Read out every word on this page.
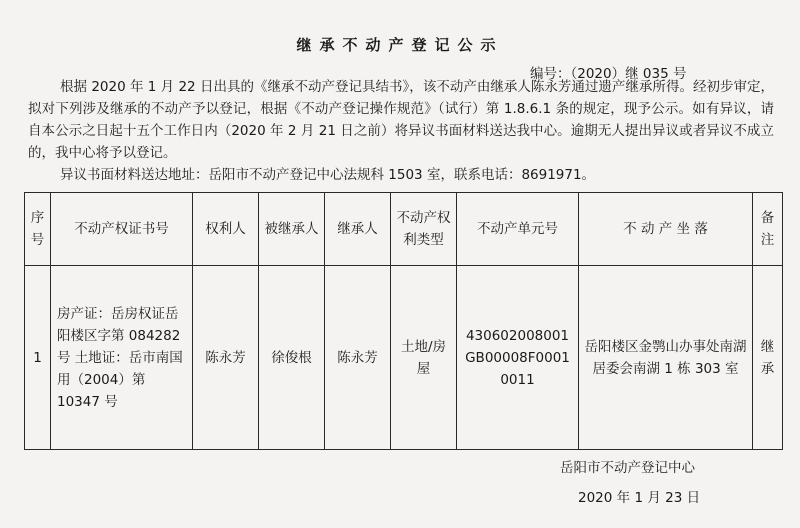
继承不动产登记公示
编号：（2020）继 035 号
根据 2020 年 1 月 22 日出具的《继承不动产登记具结书》，该不动产由继承人陈永芳通过遗产继承所得。经初步审定， 拟对下列涉及继承的不动产予以登记，根据《不动产登记操作规范》（试行）第 1.8.6.1 条的规定，现予公示。如有异议，请自本公示之日起十五个工作日内（2020 年 2 月 21 日之前）将异议书面材料送达我中心。逾期无人提出异议或者异议不成立的，我中心将予以登记。
异议书面材料送达地址：岳阳市不动产登记中心法规科 1503 室，联系电话：8691971。
序号	不动产权证书号	权利人	被继承人	继承人	不动产权利类型	不动产单元号	不 动 产 坐 落	备注
1	房产证：岳房权证岳阳楼区字第 084282 号 土地证：岳市南国用（2004）第 10347 号	陈永芳	徐俊根	陈永芳	土地/房屋	430602008001GB00008F00010011	岳阳楼区金鹗山办事处南湖居委会南湖 1 栋 303 室	继承
岳阳市不动产登记中心
2020 年 1 月 23 日
